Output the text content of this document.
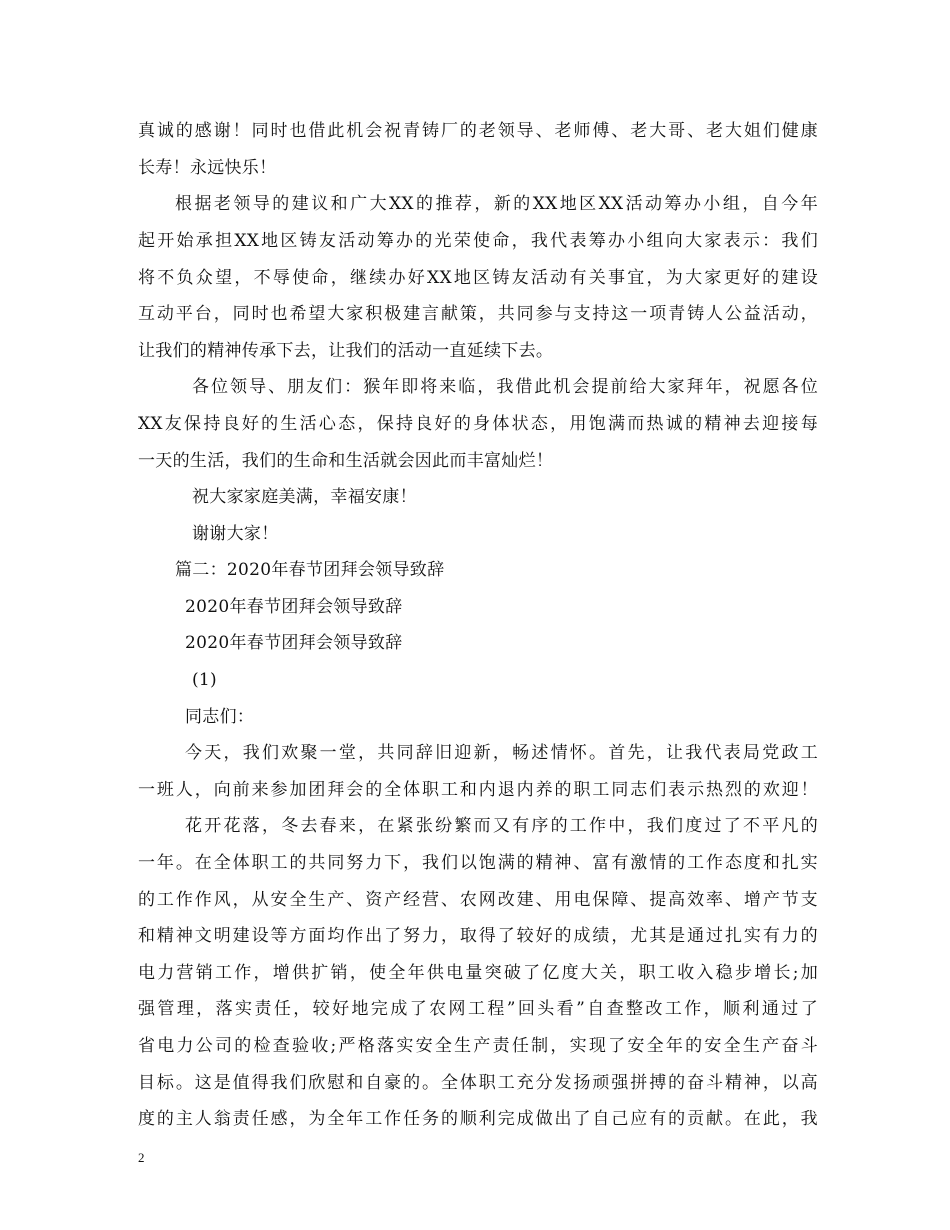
真诚的感谢！同时也借此机会祝青铸厂的老领导、老师傅、老大哥、老大姐们健康
长寿！永远快乐！
根据老领导的建议和广大XX的推荐，新的XX地区XX活动筹办小组，自今年
起开始承担XX地区铸友活动筹办的光荣使命，我代表筹办小组向大家表示：我们
将不负众望，不辱使命，继续办好XX地区铸友活动有关事宜，为大家更好的建设
互动平台，同时也希望大家积极建言献策，共同参与支持这一项青铸人公益活动，
让我们的精神传承下去，让我们的活动一直延续下去。
各位领导、朋友们：猴年即将来临，我借此机会提前给大家拜年，祝愿各位
XX友保持良好的生活心态，保持良好的身体状态，用饱满而热诚的精神去迎接每
一天的生活，我们的生命和生活就会因此而丰富灿烂！
祝大家家庭美满，幸福安康！
谢谢大家！
篇二：2020年春节团拜会领导致辞
2020年春节团拜会领导致辞
2020年春节团拜会领导致辞
(1)
同志们：
今天，我们欢聚一堂，共同辞旧迎新，畅述情怀。首先，让我代表局党政工
一班人，向前来参加团拜会的全体职工和内退内养的职工同志们表示热烈的欢迎！
花开花落，冬去春来，在紧张纷繁而又有序的工作中，我们度过了不平凡的
一年。在全体职工的共同努力下，我们以饱满的精神、富有激情的工作态度和扎实
的工作作风，从安全生产、资产经营、农网改建、用电保障、提高效率、增产节支
和精神文明建设等方面均作出了努力，取得了较好的成绩，尤其是通过扎实有力的
电力营销工作，增供扩销，使全年供电量突破了亿度大关，职工收入稳步增长;加
强管理，落实责任，较好地完成了农网工程”回头看”自查整改工作，顺利通过了
省电力公司的检查验收;严格落实安全生产责任制，实现了安全年的安全生产奋斗
目标。这是值得我们欣慰和自豪的。全体职工充分发扬顽强拼搏的奋斗精神，以高
度的主人翁责任感，为全年工作任务的顺利完成做出了自己应有的贡献。在此，我
2
